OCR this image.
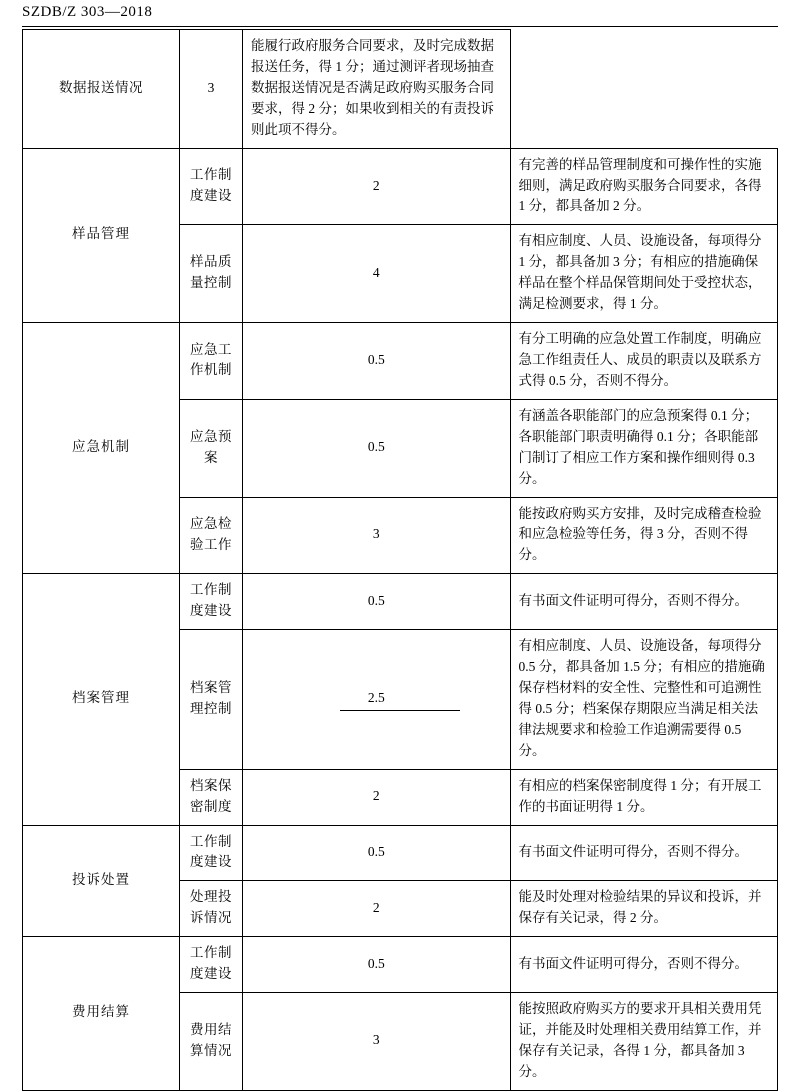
SZDB/Z 303—2018
数据报送情况	3	能履行政府服务合同要求，及时完成数据报送任务，得 1 分；通过测评者现场抽查数据报送情况是否满足政府购买服务合同要求，得 2 分；如果收到相关的有责投诉则此项不得分。	
样品管理	工作制度建设	2	有完善的样品管理制度和可操作性的实施细则，满足政府购买服务合同要求，各得 1 分，都具备加 2 分。
	样品质量控制	4	有相应制度、人员、设施设备，每项得分 1 分，都具备加 3 分；有相应的措施确保样品在整个样品保管期间处于受控状态，满足检测要求，得 1 分。
应急机制	应急工作机制	0.5	有分工明确的应急处置工作制度，明确应急工作组责任人、成员的职责以及联系方式得 0.5 分，否则不得分。
	应急预案	0.5	有涵盖各职能部门的应急预案得 0.1 分；各职能部门职责明确得 0.1 分；各职能部门制订了相应工作方案和操作细则得 0.3 分。
	应急检验工作	3	能按政府购买方安排，及时完成稽查检验和应急检验等任务，得 3 分，否则不得分。
档案管理	工作制度建设	0.5	有书面文件证明可得分，否则不得分。
	档案管理控制	2.5	有相应制度、人员、设施设备，每项得分 0.5 分，都具备加 1.5 分；有相应的措施确保存档材料的安全性、完整性和可追溯性得 0.5 分；档案保存期限应当满足相关法律法规要求和检验工作追溯需要得 0.5 分。
	档案保密制度	2	有相应的档案保密制度得 1 分；有开展工作的书面证明得 1 分。
投诉处置	工作制度建设	0.5	有书面文件证明可得分，否则不得分。
	处理投诉情况	2	能及时处理对检验结果的异议和投诉，并保存有关记录，得 2 分。
费用结算	工作制度建设	0.5	有书面文件证明可得分，否则不得分。
	费用结算情况	3	能按照政府购买方的要求开具相关费用凭证，并能及时处理相关费用结算工作，并保存有关记录，各得 1 分，都具备加 3 分。
